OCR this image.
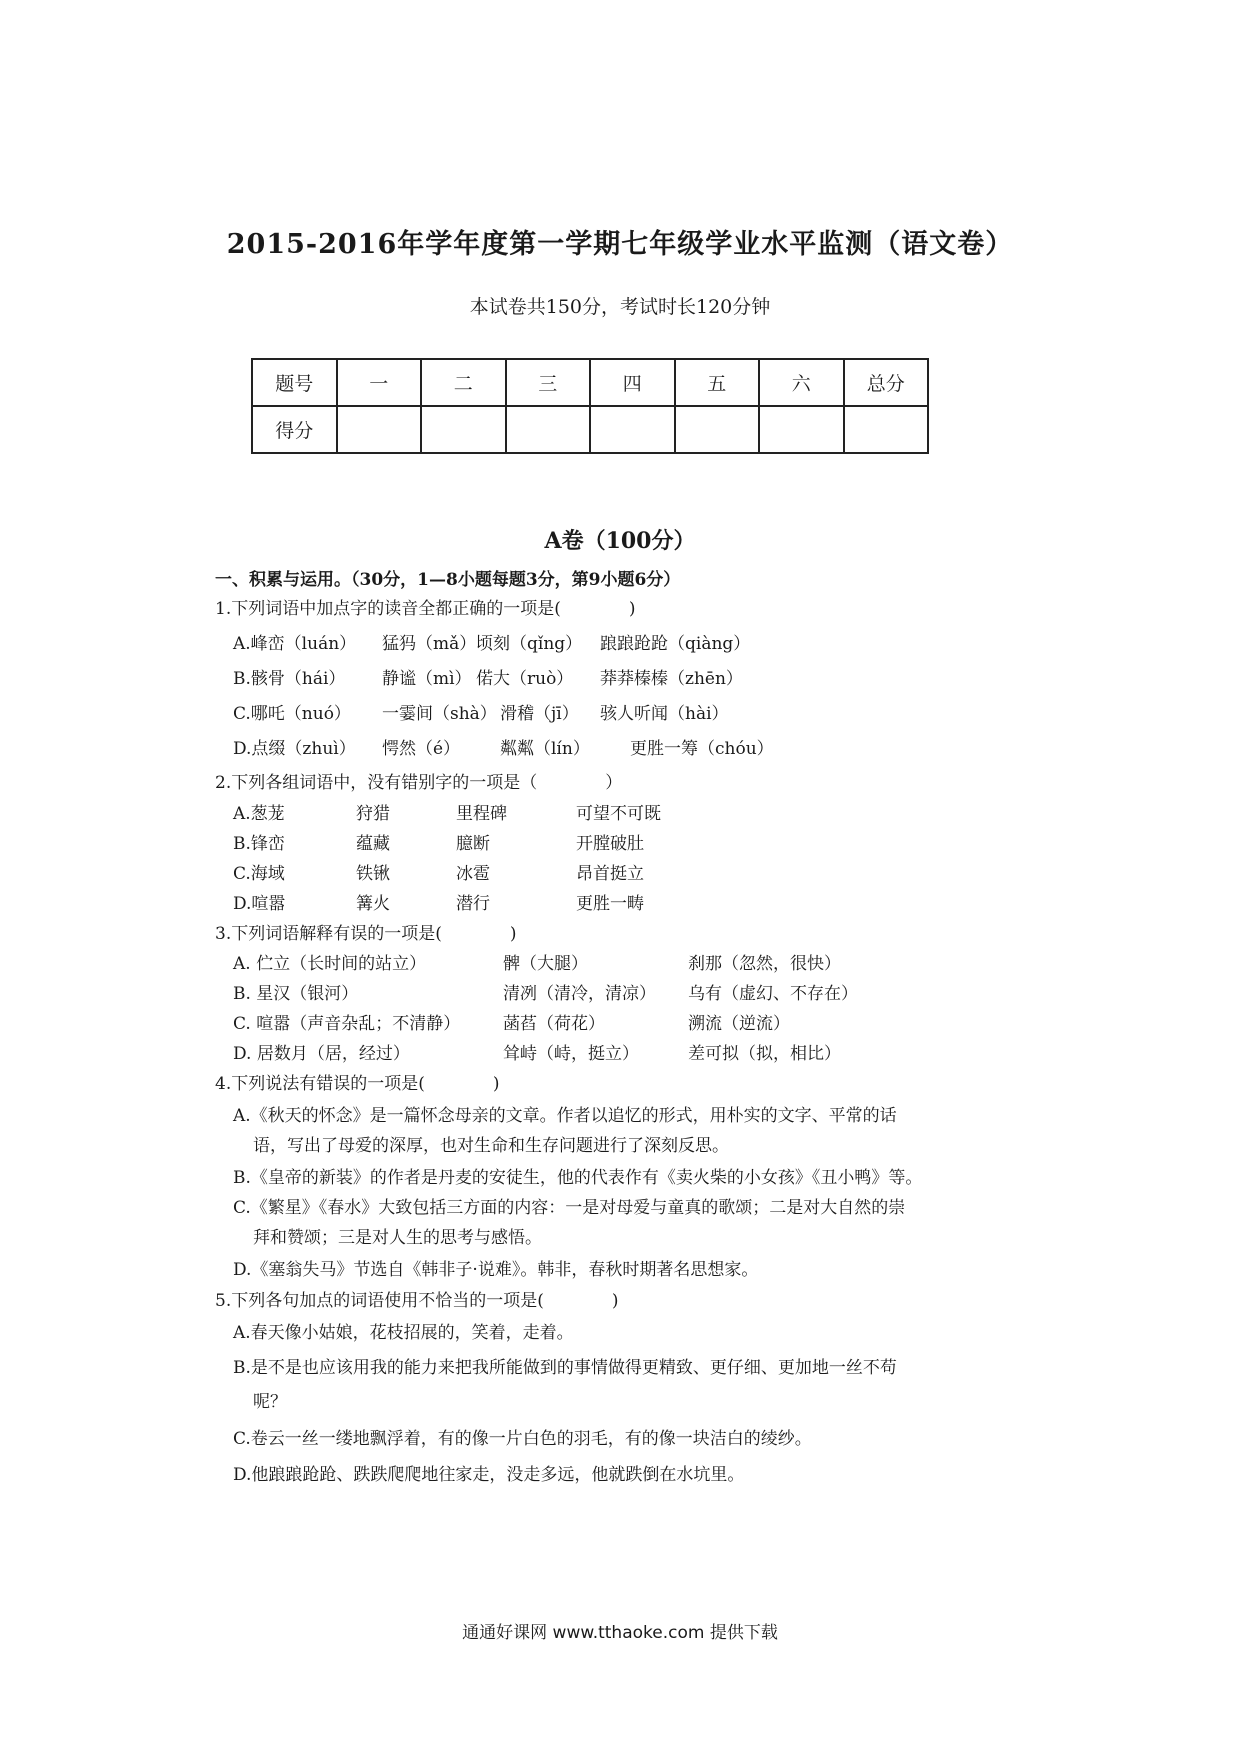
2015-2016年学年度第一学期七年级学业水平监测（语文卷）
本试卷共150分，考试时长120分钟
题号	一	二	三	四	五	六	总分
得分							
A卷（100分）
一、积累与运用。（30分，1—8小题每题3分，第9小题6分）
1.下列词语中加点字的读音全都正确的一项是(　　　　)
A.峰峦（luán） 猛犸（mǎ） 顷刻（qǐng） 踉踉跄跄（qiàng）
B.骸骨（hái） 静谧（mì） 偌大（ruò） 莽莽榛榛（zhēn）
C.哪吒（nuó） 一霎间（shà） 滑稽（jī） 骇人听闻（hài）
D.点缀（zhuì） 愕然（é） 粼粼（lín） 更胜一筹（chóu）
2.下列各组词语中，没有错别字的一项是（　　　　）
A.葱茏	狩猎	里程碑	可望不可既
B.锋峦	蕴藏	臆断	开膛破肚
C.海域	铁锹	冰雹	昂首挺立
D.喧嚣	篝火	潜行	更胜一畴
3.下列词语解释有误的一项是(　　　　)
A. 伫立（长时间的站立）	髀（大腿）	刹那（忽然，很快）
B. 星汉（银河）	清冽（清冷，清凉） 乌有（虚幻、不存在）
C. 喧嚣（声音杂乱；不清静）	菡萏（荷花）	溯流（逆流）
D. 居数月（居，经过）	耸峙（峙，挺立）	差可拟（拟，相比）
4.下列说法有错误的一项是(　　　　)
A.《秋天的怀念》是一篇怀念母亲的文章。作者以追忆的形式，用朴实的文字、平常的话
语，写出了母爱的深厚，也对生命和生存问题进行了深刻反思。
B.《皇帝的新装》的作者是丹麦的安徒生，他的代表作有《卖火柴的小女孩》《丑小鸭》等。
C.《繁星》《春水》大致包括三方面的内容：一是对母爱与童真的歌颂；二是对大自然的崇
拜和赞颂；三是对人生的思考与感悟。
D.《塞翁失马》节选自《韩非子·说难》。韩非，春秋时期著名思想家。
5.下列各句加点的词语使用不恰当的一项是(　　　　)
A.春天像小姑娘，花枝招展的，笑着，走着。
B.是不是也应该用我的能力来把我所能做到的事情做得更精致、更仔细、更加地一丝不苟
呢？
C.卷云一丝一缕地飘浮着，有的像一片白色的羽毛，有的像一块洁白的绫纱。
D.他踉踉跄跄、跌跌爬爬地往家走，没走多远，他就跌倒在水坑里。
通通好课网 www.tthaoke.com 提供下载
